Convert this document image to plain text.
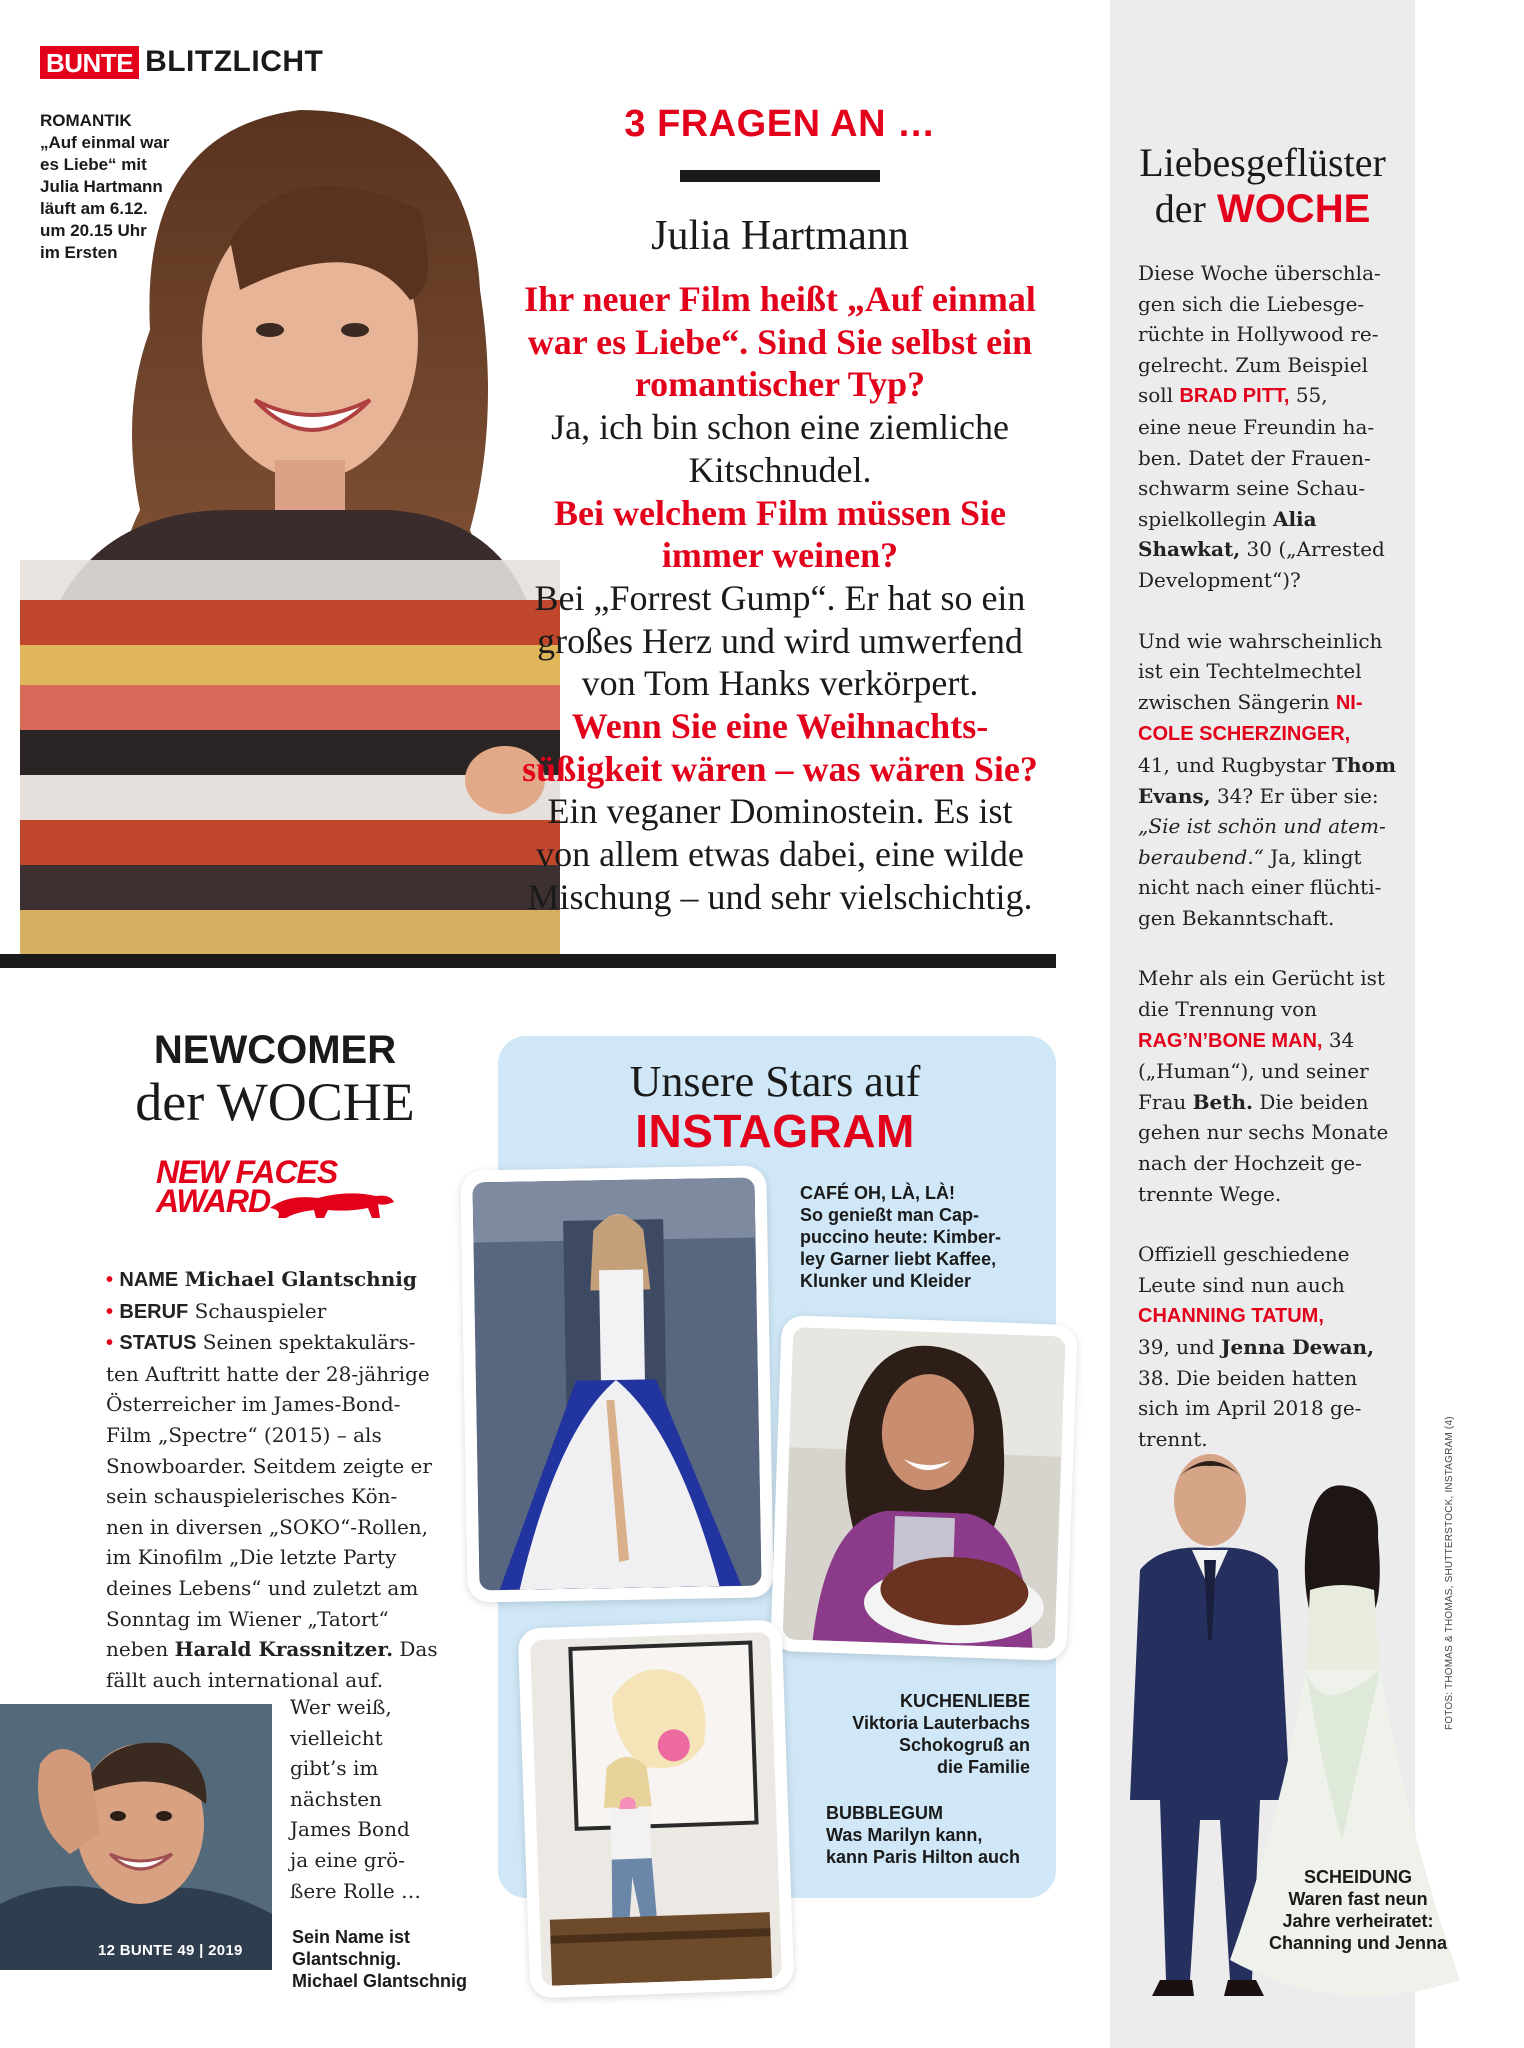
BUNTE BLITZLICHT
ROMANTIK
„Auf einmal war
es Liebe“ mit
Julia Hartmann
läuft am 6.12.
um 20.15 Uhr
im Ersten
3 FRAGEN AN …
Julia Hartmann
Ihr neuer Film heißt „Auf einmal
war es Liebe“. Sind Sie selbst ein
romantischer Typ?
Ja, ich bin schon eine ziemliche
Kitschnudel.
Bei welchem Film müssen Sie
immer weinen?
Bei „Forrest Gump“. Er hat so ein
großes Herz und wird umwerfend
von Tom Hanks verkörpert.
Wenn Sie eine Weihnachts-
süßigkeit wären – was wären Sie?
Ein veganer Dominostein. Es ist
von allem etwas dabei, eine wilde
Mischung – und sehr vielschichtig.
NEWCOMER
der WOCHE
NEW FACES
AWARD
• NAME Michael Glantschnig
• BERUF Schauspieler
• STATUS Seinen spektakulärs-
ten Auftritt hatte der 28-jährige
Österreicher im James-Bond-
Film „Spectre“ (2015) – als
Snowboarder. Seitdem zeigte er
sein schauspielerisches Kön-
nen in diversen „SOKO“-Rollen,
im Kinofilm „Die letzte Party
deines Lebens“ und zuletzt am
Sonntag im Wiener „Tatort“
neben Harald Krassnitzer. Das
fällt auch international auf.
Wer weiß,
vielleicht
gibt’s im
nächsten
James Bond
ja eine grö-
ßere Rolle …
12 BUNTE 49 | 2019
Sein Name ist
Glantschnig.
Michael Glantschnig
Unsere Stars auf
INSTAGRAM
CAFÉ OH, LÀ, LÀ!
So genießt man Cap-
puccino heute: Kimber-
ley Garner liebt Kaffee,
Klunker und Kleider
KUCHENLIEBE
Viktoria Lauterbachs
Schokogruß an
die Familie
BUBBLEGUM
Was Marilyn kann,
kann Paris Hilton auch
Liebesgeflüster
der WOCHE
Diese Woche überschla-
gen sich die Liebesge-
rüchte in Hollywood re-
gelrecht. Zum Beispiel
soll BRAD PITT, 55,
eine neue Freundin ha-
ben. Datet der Frauen-
schwarm seine Schau-
spielkollegin Alia
Shawkat, 30 („Arrested
Development“)?
Und wie wahrscheinlich
ist ein Techtelmechtel
zwischen Sängerin NI-
COLE SCHERZINGER,
41, und Rugbystar Thom
Evans, 34? Er über sie:
„Sie ist schön und atem-
beraubend.“ Ja, klingt
nicht nach einer flüchti-
gen Bekanntschaft.
Mehr als ein Gerücht ist
die Trennung von
RAG’N’BONE MAN, 34
(„Human“), und seiner
Frau Beth. Die beiden
gehen nur sechs Monate
nach der Hochzeit ge-
trennte Wege.
Offiziell geschiedene
Leute sind nun auch
CHANNING TATUM,
39, und Jenna Dewan,
38. Die beiden hatten
sich im April 2018 ge-
trennt.
SCHEIDUNG
Waren fast neun
Jahre verheiratet:
Channing und Jenna
FOTOS: THOMAS & THOMAS, SHUTTERSTOCK, INSTAGRAM (4)
